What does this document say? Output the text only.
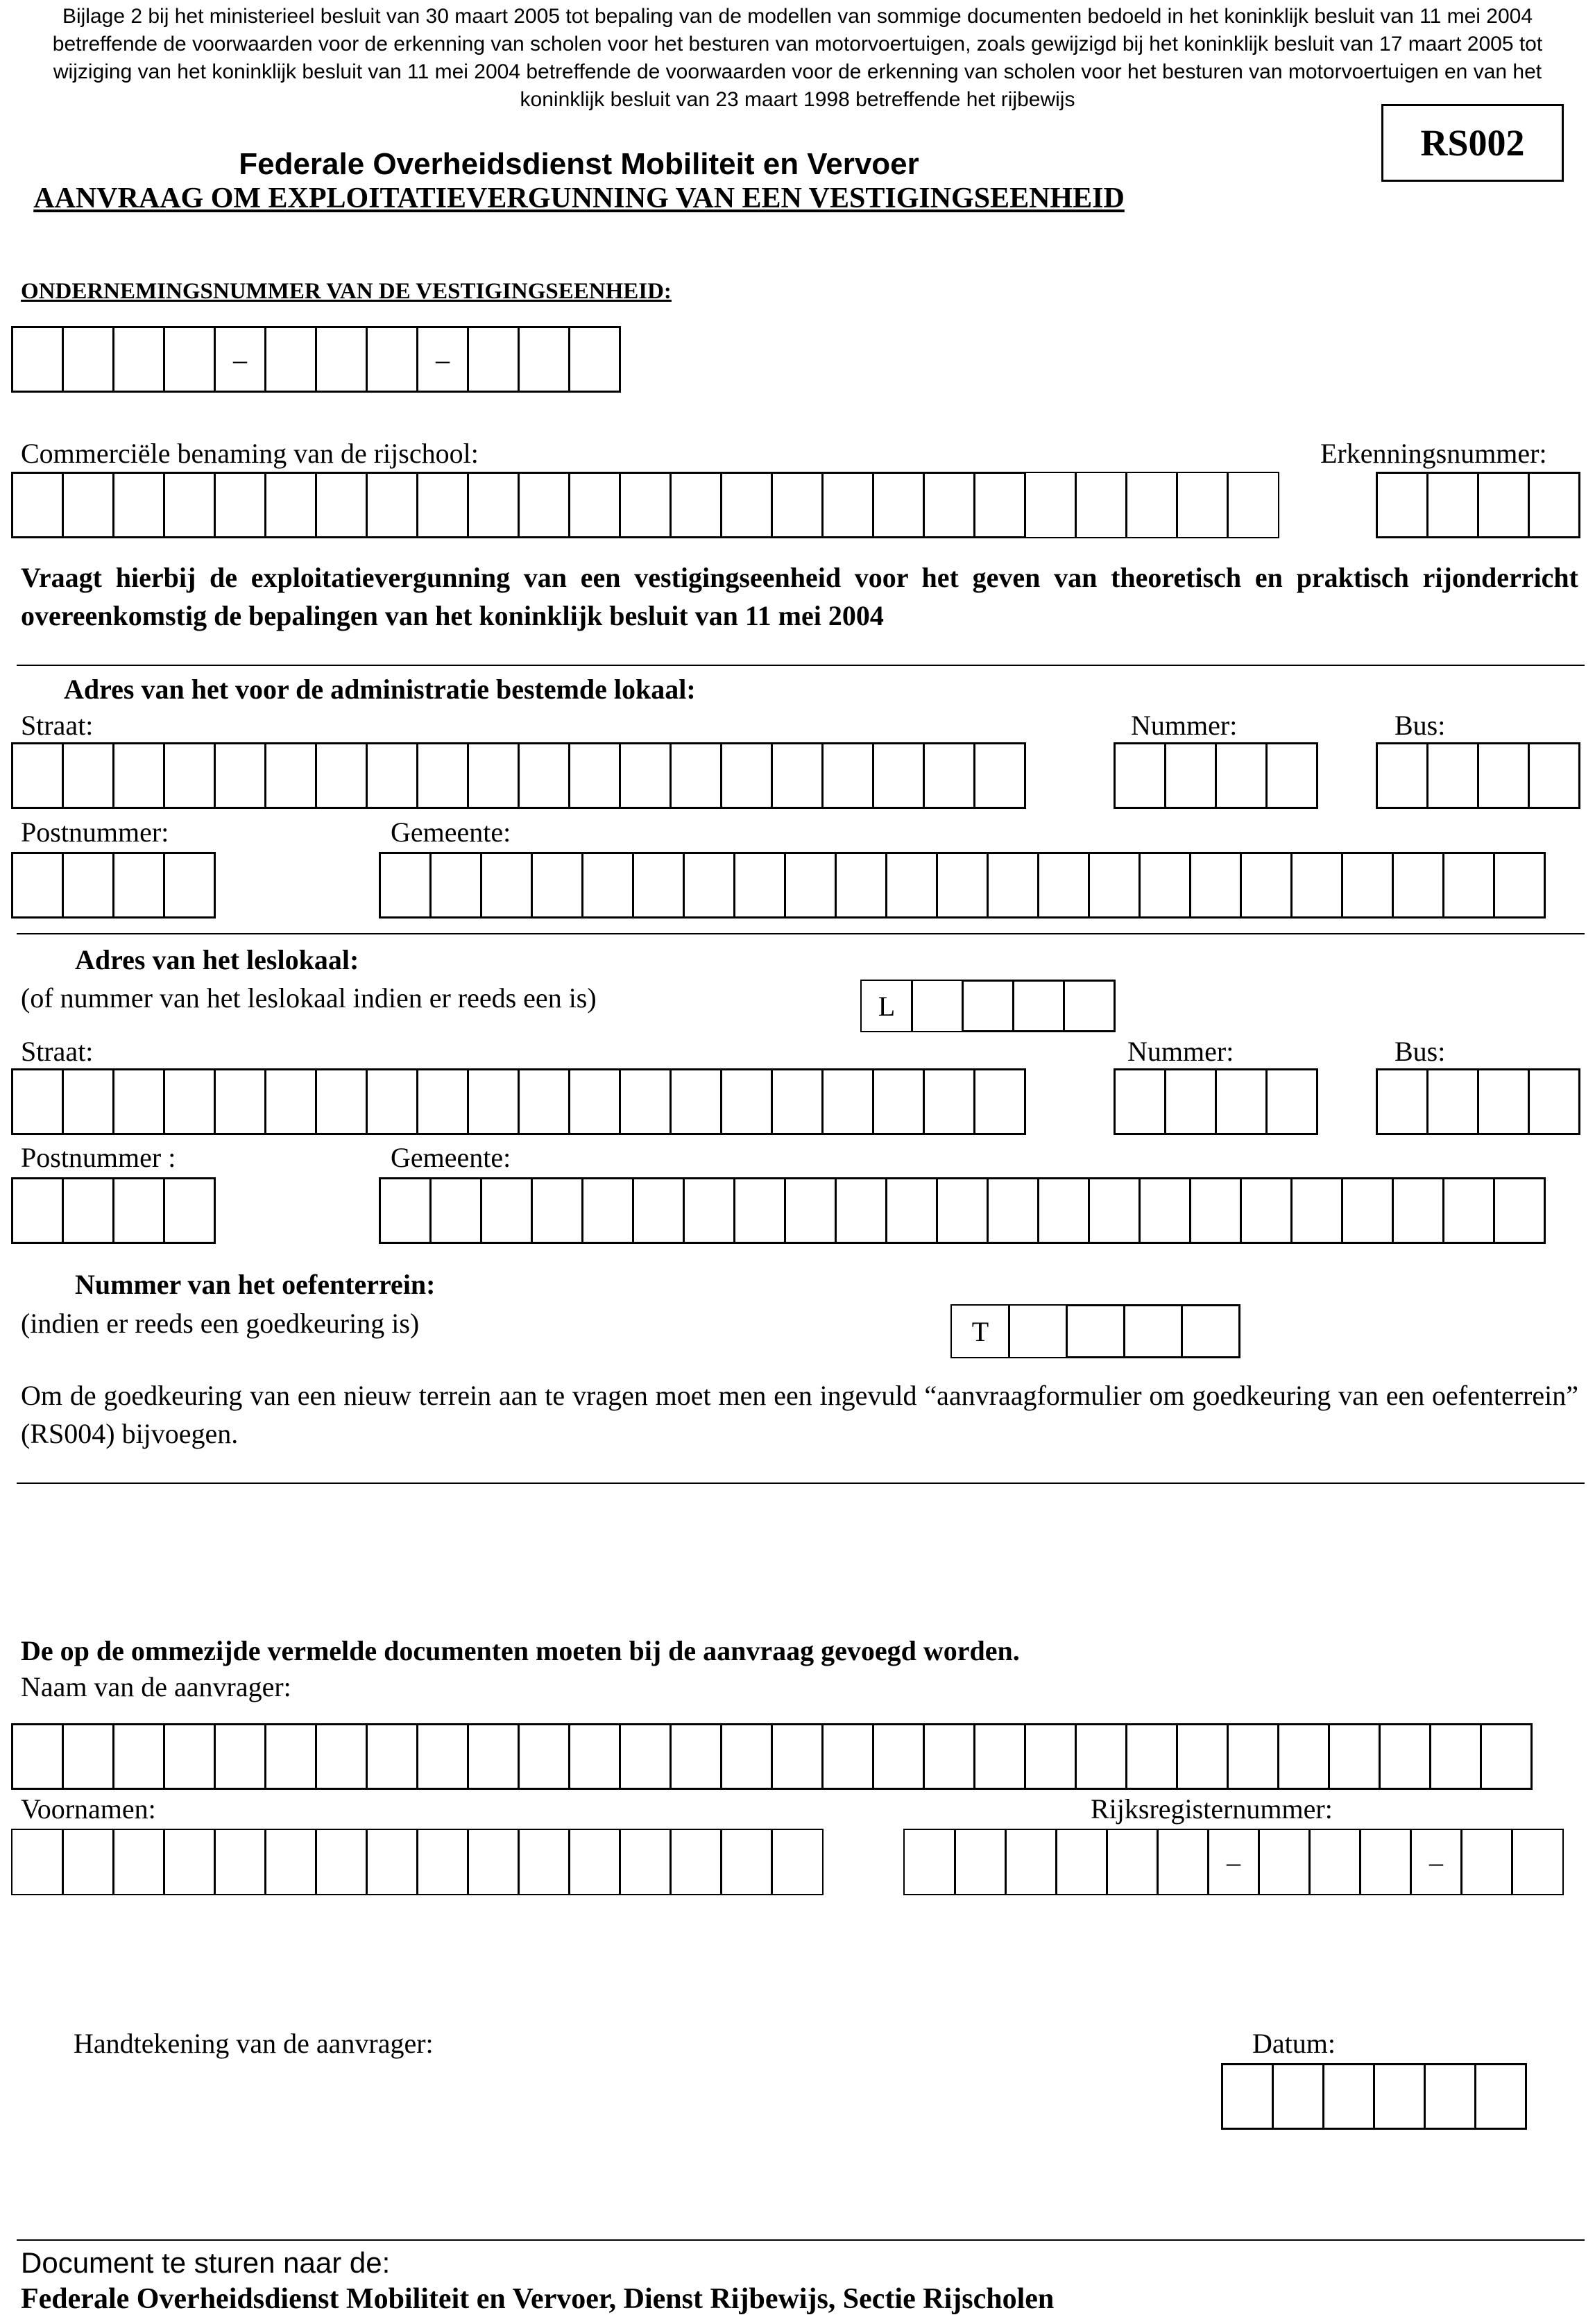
Bijlage 2 bij het ministerieel besluit van 30 maart 2005 tot bepaling van de modellen van sommige documenten bedoeld in het koninklijk besluit van 11 mei 2004 betreffende de voorwaarden voor de erkenning van scholen voor het besturen van motorvoertuigen, zoals gewijzigd bij het koninklijk besluit van 17 maart 2005 tot wijziging van het koninklijk besluit van 11 mei 2004 betreffende de voorwaarden voor de erkenning van scholen voor het besturen van motorvoertuigen en van het koninklijk besluit van 23 maart 1998 betreffende het rijbewijs
RS002
Federale Overheidsdienst Mobiliteit en Vervoer
AANVRAAG OM EXPLOITATIEVERGUNNING VAN EEN VESTIGINGSEENHEID
ONDERNEMINGSNUMMER VAN DE VESTIGINGSEENHEID:
–	–
Commerciële benaming van de rijschool:	Erkenningsnummer:
Vraagt hierbij de exploitatievergunning van een vestigingseenheid voor het geven van theoretisch en praktisch rijonderricht overeenkomstig de bepalingen van het koninklijk besluit van 11 mei 2004
Adres van het voor de administratie bestemde lokaal:
Straat:	Nummer:	Bus:
Postnummer:	Gemeente:
Adres van het leslokaal:
(of nummer van het leslokaal indien er reeds een is)	L
Straat:	Nummer:	Bus:
Postnummer :	Gemeente:
Nummer van het oefenterrein:
(indien er reeds een goedkeuring is)	T
Om de goedkeuring van een nieuw terrein aan te vragen moet men een ingevuld “aanvraagformulier om goedkeuring van een oefenterrein” (RS004) bijvoegen.
De op de ommezijde vermelde documenten moeten bij de aanvraag gevoegd worden.
Naam van de aanvrager:
Voornamen:	Rijksregisternummer:
–	–
Handtekening van de aanvrager:	Datum:
Document te sturen naar de:
Federale Overheidsdienst Mobiliteit en Vervoer, Dienst Rijbewijs, Sectie Rijscholen
